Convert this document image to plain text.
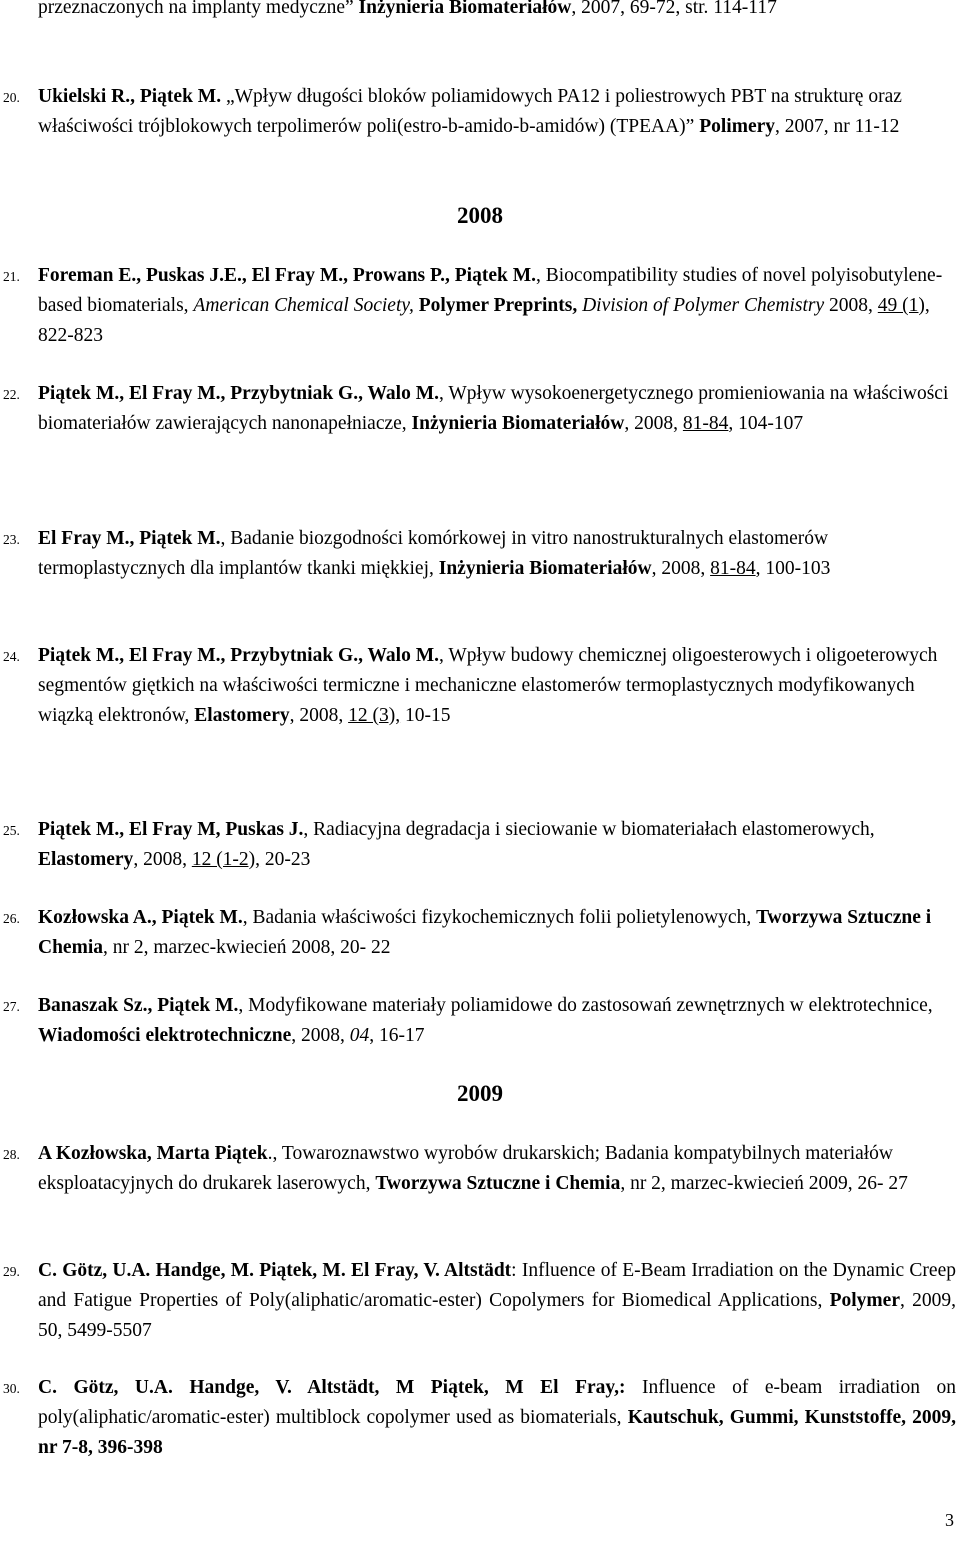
przeznaczonych na implanty medyczne” Inżynieria Biomateriałów, 2007, 69-72, str. 114-117

20. Ukielski R., Piątek M. „Wpływ długości bloków poliamidowych PA12 i poliestrowych PBT na strukturę oraz właściwości trójblokowych terpolimerów poli(estro-b-amido-b-amidów) (TPEAA)” Polimery, 2007, nr 11-12

2008

21. Foreman E., Puskas J.E., El Fray M., Prowans P., Piątek M., Biocompatibility studies of novel polyisobutylene-based biomaterials, American Chemical Society, Polymer Preprints, Division of Polymer Chemistry 2008, 49 (1), 822-823

22. Piątek M., El Fray M., Przybytniak G., Walo M., Wpływ wysokoenergetycznego promieniowania na właściwości biomateriałów zawierających nanonapełniacze, Inżynieria Biomateriałów, 2008, 81-84, 104-107

23. El Fray M., Piątek M., Badanie biozgodności komórkowej in vitro nanostrukturalnych elastomerów termoplastycznych dla implantów tkanki miękkiej, Inżynieria Biomateriałów, 2008, 81-84, 100-103

24. Piątek M., El Fray M., Przybytniak G., Walo M., Wpływ budowy chemicznej oligoesterowych i oligoeterowych segmentów giętkich na właściwości termiczne i mechaniczne elastomerów termoplastycznych modyfikowanych wiązką elektronów, Elastomery, 2008, 12 (3), 10-15

25. Piątek M., El Fray M, Puskas J., Radiacyjna degradacja i sieciowanie w biomateriałach elastomerowych, Elastomery, 2008, 12 (1-2), 20-23

26. Kozłowska A., Piątek M., Badania właściwości fizykochemicznych folii polietylenowych, Tworzywa Sztuczne i Chemia, nr 2, marzec-kwiecień 2008, 20- 22

27. Banaszak Sz., Piątek M., Modyfikowane materiały poliamidowe do zastosowań zewnętrznych w elektrotechnice, Wiadomości elektrotechniczne, 2008, 04, 16-17

2009

28. A Kozłowska, Marta Piątek., Towaroznawstwo wyrobów drukarskich; Badania kompatybilnych materiałów eksploatacyjnych do drukarek laserowych, Tworzywa Sztuczne i Chemia, nr 2, marzec-kwiecień 2009, 26- 27

29. C. Götz, U.A. Handge, M. Piątek, M. El Fray, V. Altstädt: Influence of E-Beam Irradiation on the Dynamic Creep and Fatigue Properties of Poly(aliphatic/aromatic-ester) Copolymers for Biomedical Applications, Polymer, 2009, 50, 5499-5507

30. C. Götz, U.A. Handge, V. Altstädt, M Piątek, M El Fray,: Influence of e-beam irradiation on poly(aliphatic/aromatic-ester) multiblock copolymer used as biomaterials, Kautschuk, Gummi, Kunststoffe, 2009, nr 7-8, 396-398

3
